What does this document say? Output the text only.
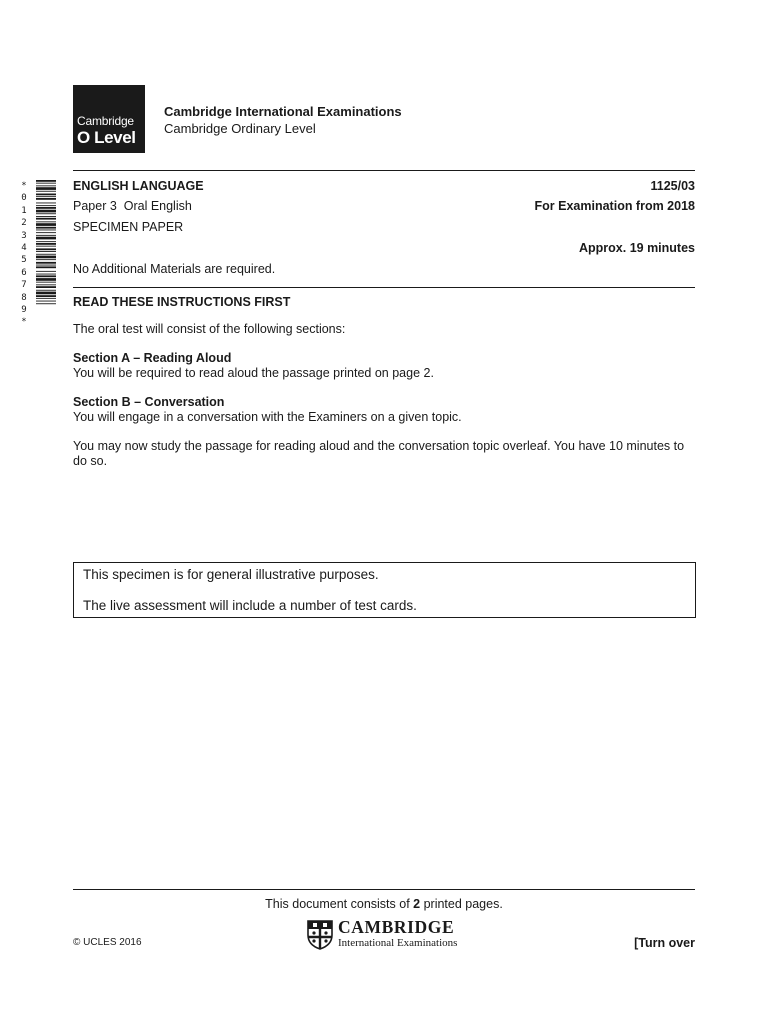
Cambridge
O Level
Cambridge International Examinations
Cambridge Ordinary Level
*
0
1
2
3
4
5
6
7
8
9
*
ENGLISH LANGUAGE	1125/03
Paper 3  Oral English	For Examination from 2018
SPECIMEN PAPER
Approx. 19 minutes
No Additional Materials are required.
READ THESE INSTRUCTIONS FIRST

The oral test will consist of the following sections:

Section A – Reading Aloud

You will be required to read aloud the passage printed on page 2.

Section B – Conversation

You will engage in a conversation with the Examiners on a given topic.

You may now study the passage for reading aloud and the conversation topic overleaf. You have 10 minutes to do so.

This specimen is for general illustrative purposes.

The live assessment will include a number of test cards.

This document consists of 2 printed pages.
© UCLES 2016
CAMBRIDGE
International Examinations	[Turn over
